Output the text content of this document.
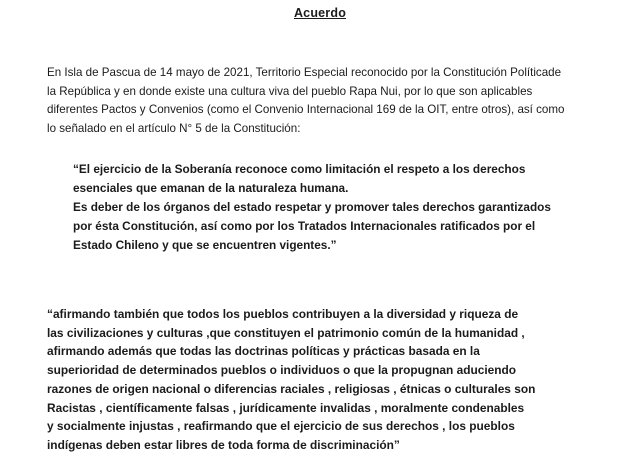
Acuerdo

En Isla de Pascua de 14 mayo de 2021, Territorio Especial reconocido por la Constitución Políticade
la República y en donde existe una cultura viva del pueblo Rapa Nui, por lo que son aplicables
diferentes Pactos y Convenios (como el Convenio Internacional 169 de la OIT, entre otros), así como
lo señalado en el artículo N° 5 de la Constitución:

“El ejercicio de la Soberanía reconoce como limitación el respeto a los derechos
esenciales que emanan de la naturaleza humana.
Es deber de los órganos del estado respetar y promover tales derechos garantizados
por ésta Constitución, así como por los Tratados Internacionales ratificados por el
Estado Chileno y que se encuentren vigentes.”

“afirmando también que todos los pueblos contribuyen a la diversidad y riqueza de
las civilizaciones y culturas ,que constituyen el patrimonio común de la humanidad ,
afirmando además que todas las doctrinas políticas y prácticas basada en la
superioridad de determinados pueblos o individuos o que la propugnan aduciendo
razones de origen nacional o diferencias raciales , religiosas , étnicas o culturales son
Racistas , científicamente falsas , jurídicamente invalidas , moralmente condenables
y socialmente injustas , reafirmando que el ejercicio de sus derechos , los pueblos
indígenas deben estar libres de toda forma de discriminación”
